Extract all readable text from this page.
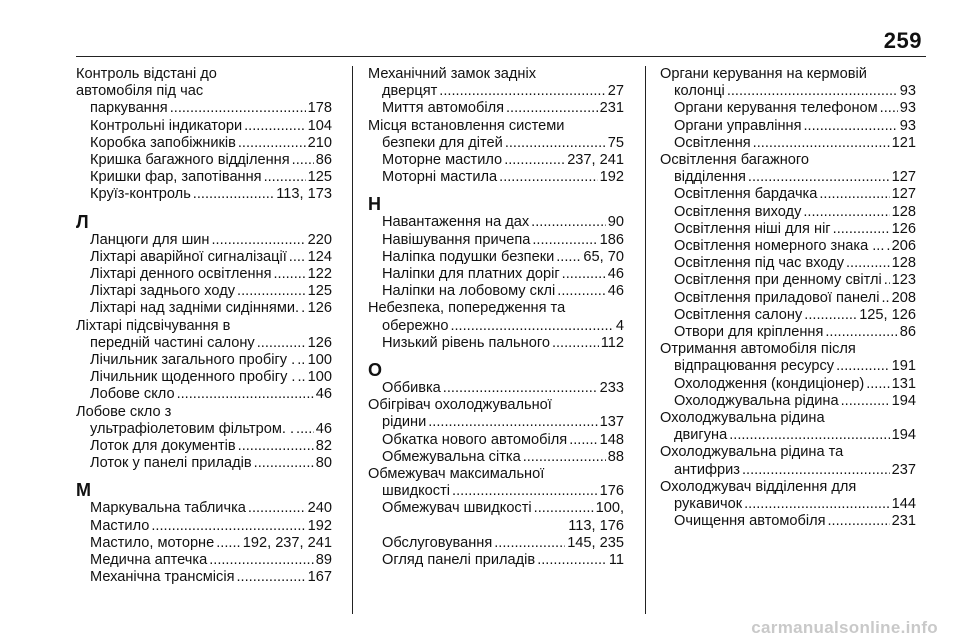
259
Контроль відстані до
автомобіля під час
паркування .....	178
Контрольні індикатори .....	104
Коробка запобіжників .....	210
Кришка багажного відділення ..... 86
Кришки фар, запотівання .....	125
Круїз-контроль .....	113, 173
Л
Ланцюги для шин .....	220
Ліхтарі аварійної сигналізації ..... 124
Ліхтарі денного освітлення ..... 122
Ліхтарі заднього ходу .....	125
Ліхтарі над задніми сидіннями. ..... 126
Ліхтарі підсвічування в
передній частині салону .....	126
Лічильник загального пробігу . ..... 100
Лічильник щоденного пробігу . ..... 100
Лобове скло .....	46
Лобове скло з
ультрафіолетовим фільтром. . ..... 46
Лоток для документів .....	82
Лоток у панелі приладів .....	80
М
Маркувальна табличка .....	240
Мастило .....	192
Мастило, моторне ..... 192, 237, 241
Медична аптечка .....	89
Механічна трансмісія .....	167
Механічний замок задніх
дверцят .....	27
Миття автомобіля .....	231
Місця встановлення системи
безпеки для дітей .....	75
Моторне мастило .....	237, 241
Моторні мастила .....	192
Н
Навантаження на дах .....	90
Навішування причепа .....	186
Наліпка подушки безпеки ..... 65, 70
Наліпки для платних доріг .....	46
Наліпки на лобовому склі .....	46
Небезпека, попередження та
обережно .....	4
Низький рівень пального .....	112
О
Оббивка .....	233
Обігрівач охолоджувальної
рідини .....	137
Обкатка нового автомобіля ..... 148
Обмежувальна сітка .....	88
Обмежувач максимальної
швидкості .....	176
Обмежувач швидкості .....	100,
113, 176
Обслуговування .....	145, 235
Огляд панелі приладів .....	11
Органи керування на кермовій
колонці .....	93
Органи керування телефоном ..... 93
Органи управління .....	93
Освітлення .....	121
Освітлення багажного
відділення .....	127
Освітлення бардачка .....	127
Освітлення виходу .....	128
Освітлення ніші для ніг .....	126
Освітлення номерного знака ... ..... 206
Освітлення під час входу .....	128
Освітлення при денному світлі ..... 123
Освітлення приладової панелі ..... 208
Освітлення салону .....	125, 126
Отвори для кріплення .....	86
Отримання автомобіля після
відпрацювання ресурсу .....	191
Охолодження (кондиціонер) ..... 131
Охолоджувальна рідина .....	194
Охолоджувальна рідина
двигуна .....	194
Охолоджувальна рідина та
антифриз .....	237
Охолоджувач відділення для
рукавичок .....	144
Очищення автомобіля .....	231
carmanualsonline.info
